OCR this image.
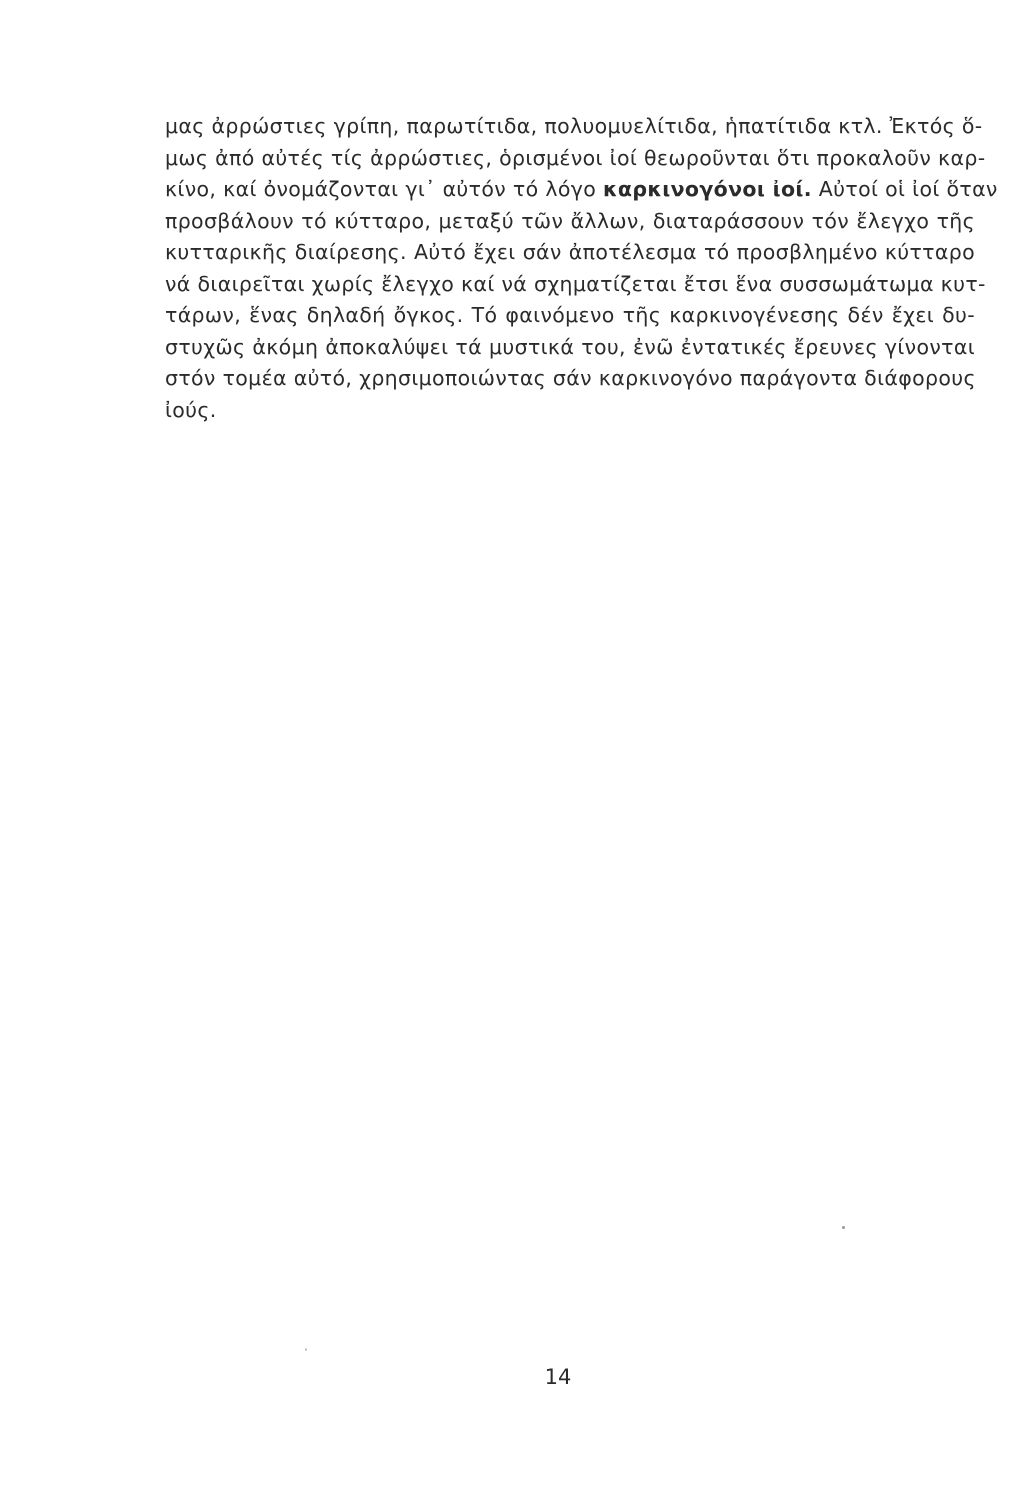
μας ἀρρώστιες γρίπη, παρωτίτιδα, πολυομυελίτιδα, ἡπατίτιδα κτλ. Ἐκτός ὅ-
μως ἀπό αὐτές τίς ἀρρώστιες, ὁρισμένοι ἰοί θεωροῦνται ὅτι προκαλοῦν καρ-
κίνο, καί ὀνομάζονται γι᾽ αὐτόν τό λόγο καρκινογόνοι ἰοί. Αὐτοί οἱ ἰοί ὅταν
προσβάλουν τό κύτταρο, μεταξύ τῶν ἄλλων, διαταράσσουν τόν ἔλεγχο τῆς
κυτταρικῆς διαίρεσης. Αὐτό ἔχει σάν ἀποτέλεσμα τό προσβλημένο κύτταρο
νά διαιρεῖται χωρίς ἔλεγχο καί νά σχηματίζεται ἔτσι ἕνα συσσωμάτωμα κυτ-
τάρων, ἕνας δηλαδή ὄγκος. Τό φαινόμενο τῆς καρκινογένεσης δέν ἔχει δυ-
στυχῶς ἀκόμη ἀποκαλύψει τά μυστικά του, ἐνῶ ἐντατικές ἔρευνες γίνονται
στόν τομέα αὐτό, χρησιμοποιώντας σάν καρκινογόνο παράγοντα διάφορους
ἰούς.
14
